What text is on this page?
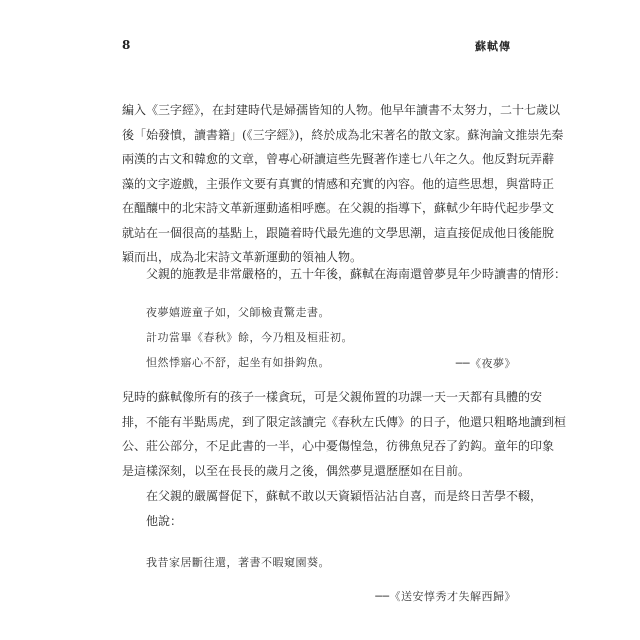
8	蘇軾傳

編入《三字經》，在封建時代是婦孺皆知的人物。他早年讀書不太努力，二十七歲以
後「始發憤，讀書籍」(《三字經》)，終於成為北宋著名的散文家。蘇洵論文推崇先秦
兩漢的古文和韓愈的文章，曾專心研讀這些先賢著作達七八年之久。他反對玩弄辭
藻的文字遊戲，主張作文要有真實的情感和充實的內容。他的這些思想，與當時正
在醞釀中的北宋詩文革新運動遙相呼應。在父親的指導下，蘇軾少年時代起步學文
就站在一個很高的基點上，跟隨着時代最先進的文學思潮，這直接促成他日後能脫
穎而出，成為北宋詩文革新運動的領袖人物。

父親的施教是非常嚴格的，五十年後，蘇軾在海南還曾夢見年少時讀書的情形：

夜夢嬉遊童子如，父師檢責驚走書。
計功當畢《春秋》餘，今乃粗及桓莊初。
怛然悸寤心不舒，起坐有如掛鈎魚。	──《夜夢》

兒時的蘇軾像所有的孩子一樣貪玩，可是父親佈置的功課一天一天都有具體的安
排，不能有半點馬虎，到了限定該讀完《春秋左氏傳》的日子，他還只粗略地讀到桓
公、莊公部分，不足此書的一半，心中憂傷惶急，彷彿魚兒吞了釣鈎。童年的印象
是這樣深刻，以至在長長的歲月之後，偶然夢見還歷歷如在目前。

在父親的嚴厲督促下，蘇軾不敢以天資穎悟沾沾自喜，而是終日苦學不輟，
他說：

我昔家居斷往還，著書不暇窺園葵。
──《送安惇秀才失解西歸》
